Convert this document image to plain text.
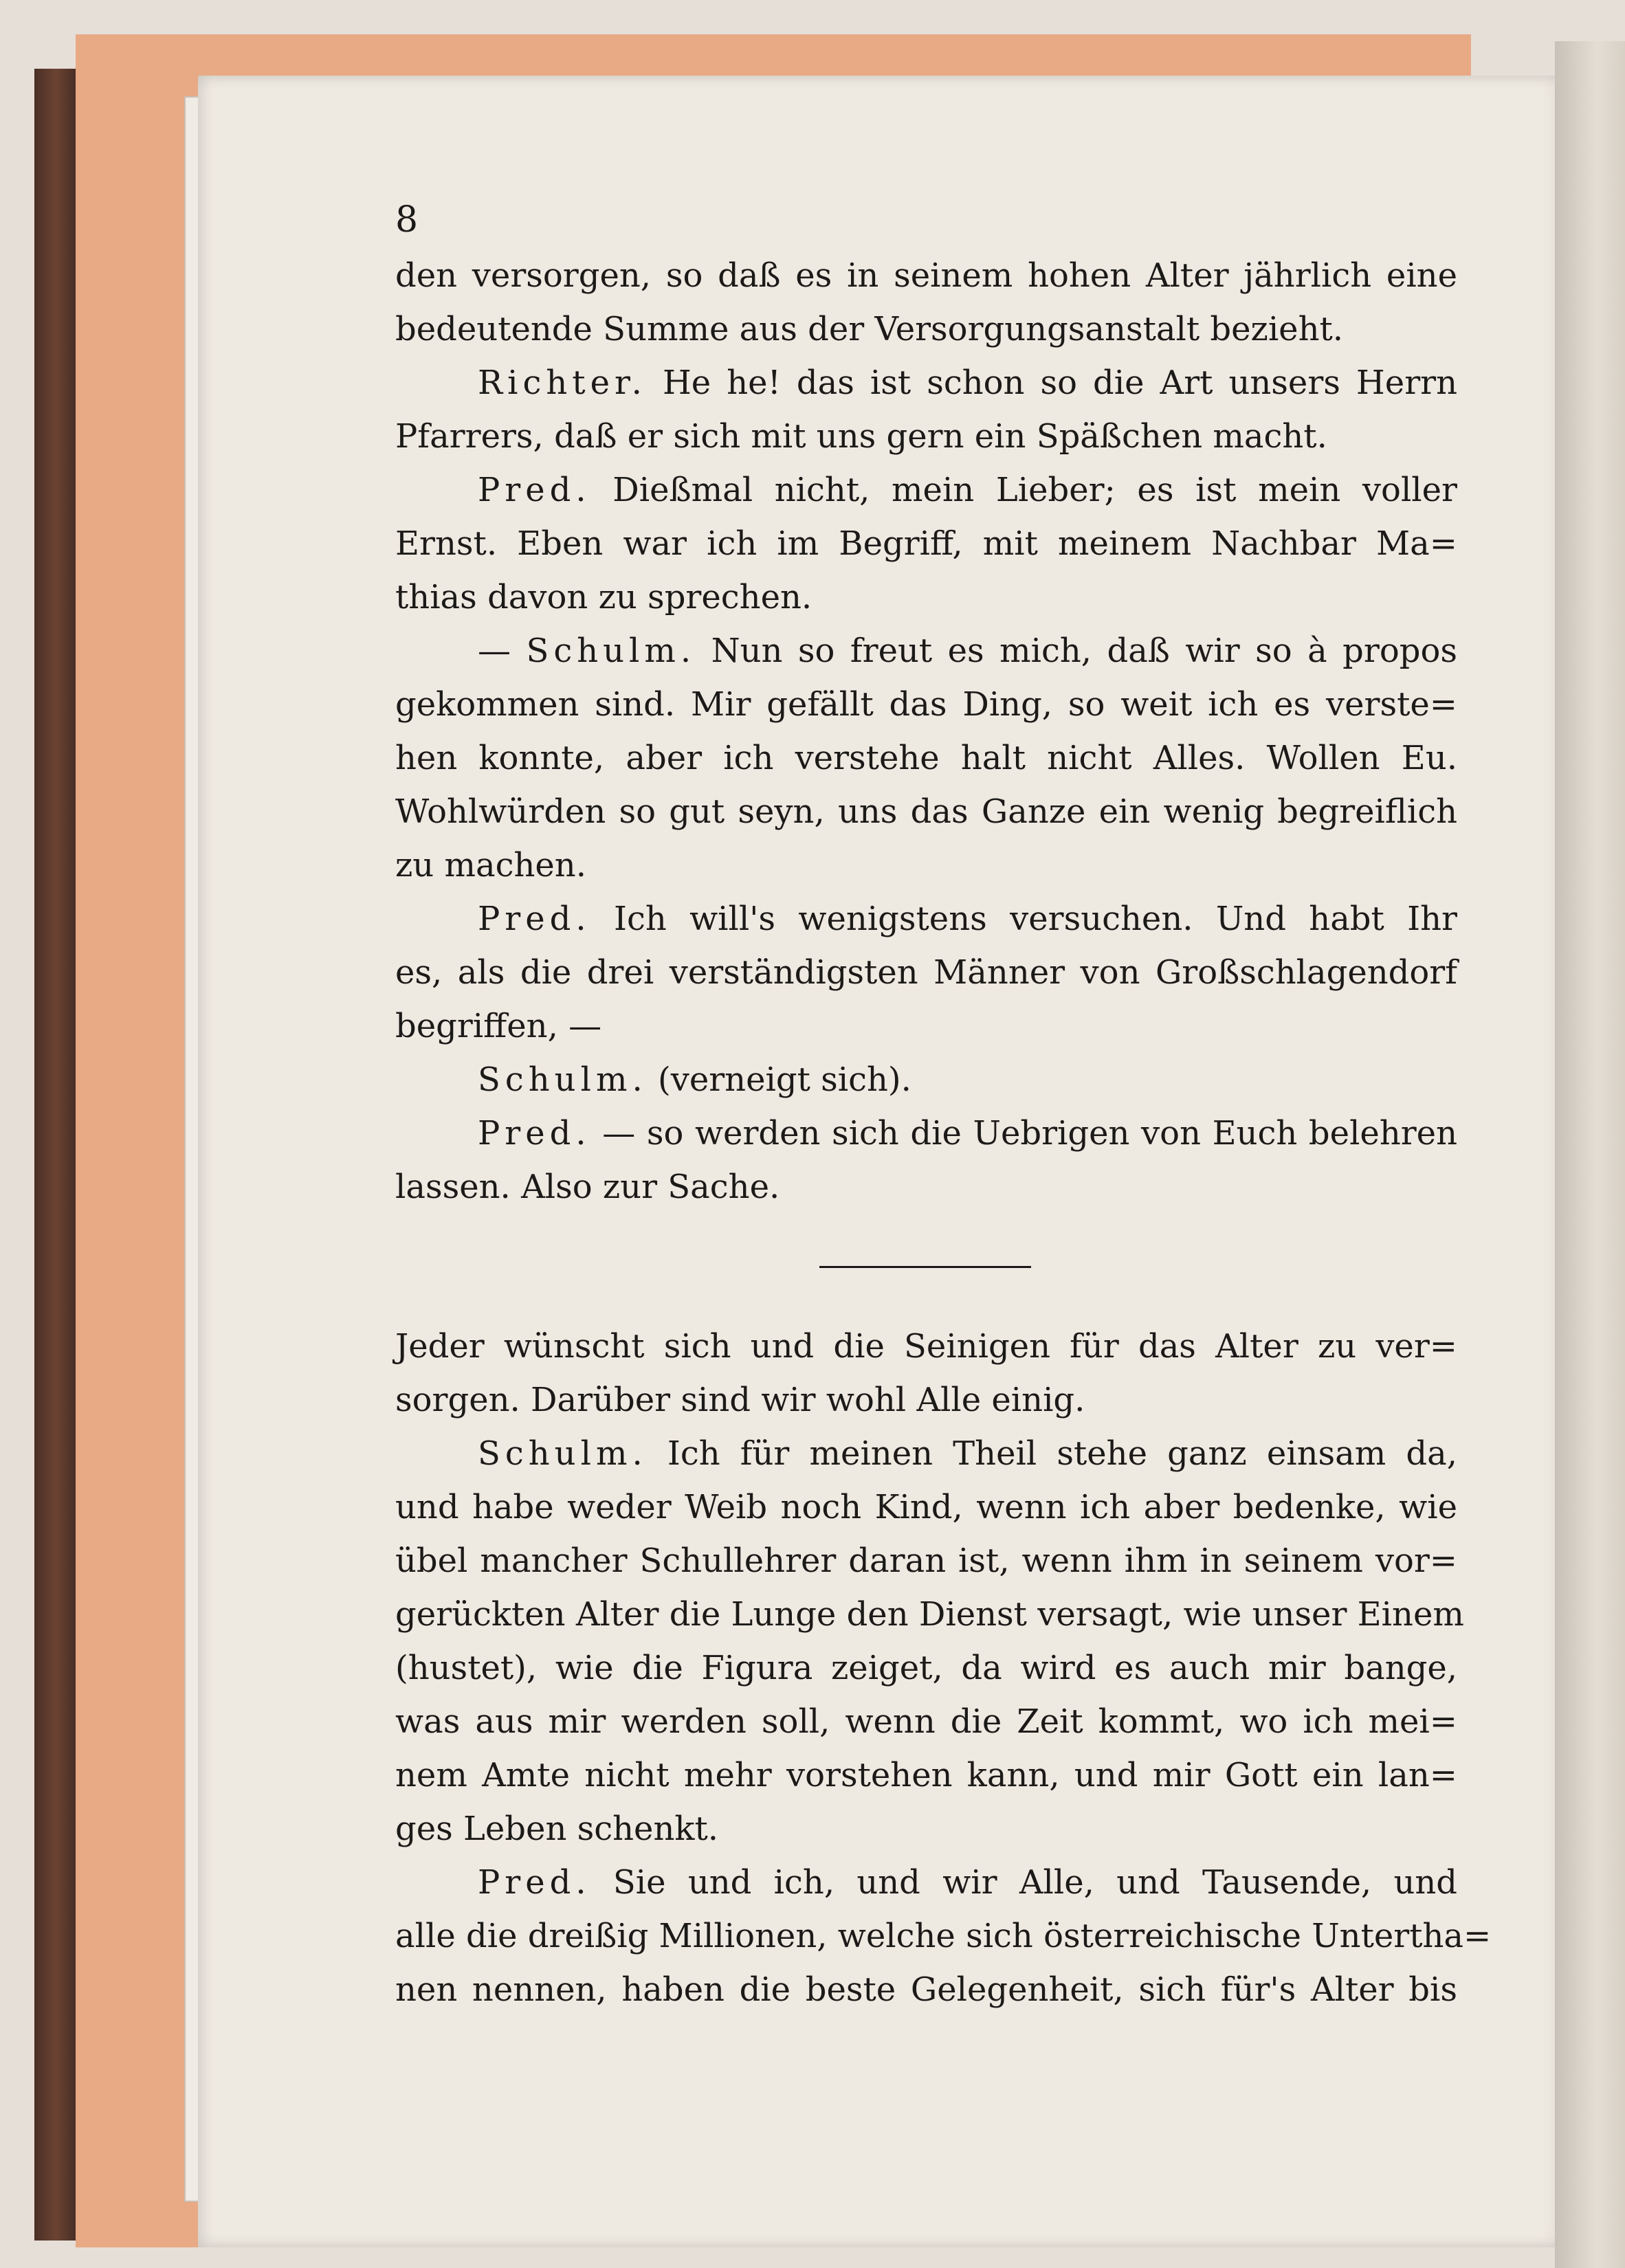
8
den versorgen, so daß es in seinem hohen Alter jährlich eine
bedeutende Summe aus der Versorgungsanstalt bezieht.
Richter. He he! das ist schon so die Art unsers Herrn
Pfarrers, daß er sich mit uns gern ein Späßchen macht.
Pred. Dießmal nicht, mein Lieber; es ist mein voller
Ernst. Eben war ich im Begriff, mit meinem Nachbar Ma=
thias davon zu sprechen.
— Schulm. Nun so freut es mich, daß wir so à propos
gekommen sind. Mir gefällt das Ding, so weit ich es verste=
hen konnte, aber ich verstehe halt nicht Alles. Wollen Eu.
Wohlwürden so gut seyn, uns das Ganze ein wenig begreiflich
zu machen.
Pred. Ich will's wenigstens versuchen. Und habt Ihr
es, als die drei verständigsten Männer von Großschlagendorf
begriffen, —
Schulm. (verneigt sich).
Pred. — so werden sich die Uebrigen von Euch belehren
lassen. Also zur Sache.
Jeder wünscht sich und die Seinigen für das Alter zu ver=
sorgen. Darüber sind wir wohl Alle einig.
Schulm. Ich für meinen Theil stehe ganz einsam da,
und habe weder Weib noch Kind, wenn ich aber bedenke, wie
übel mancher Schullehrer daran ist, wenn ihm in seinem vor=
gerückten Alter die Lunge den Dienst versagt, wie unser Einem
(hustet), wie die Figura zeiget, da wird es auch mir bange,
was aus mir werden soll, wenn die Zeit kommt, wo ich mei=
nem Amte nicht mehr vorstehen kann, und mir Gott ein lan=
ges Leben schenkt.
Pred. Sie und ich, und wir Alle, und Tausende, und
alle die dreißig Millionen, welche sich österreichische Untertha=
nen nennen, haben die beste Gelegenheit, sich für's Alter bis
